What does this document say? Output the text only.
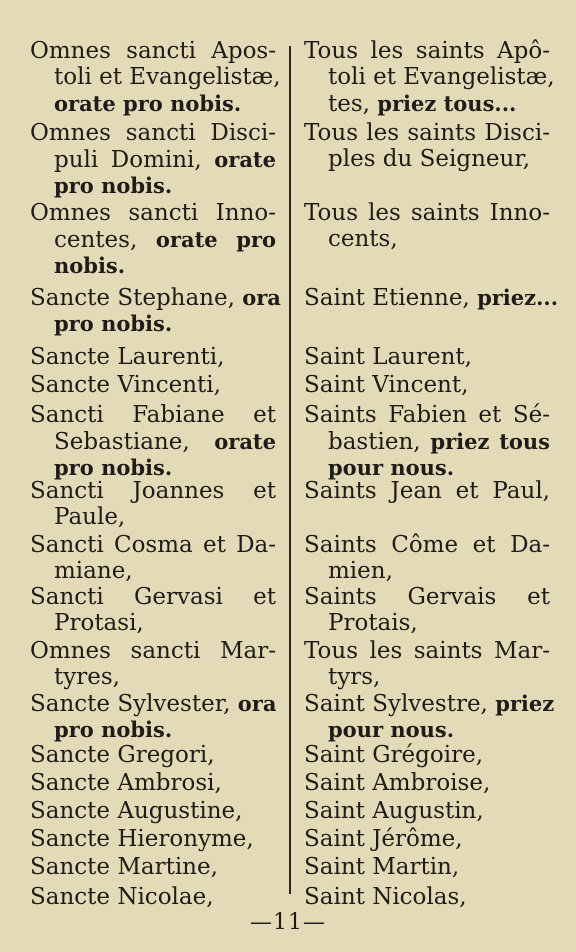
Omnes sancti Apos-
toli et Evangelistæ,
orate pro nobis.
Omnes sancti Disci-
puli Domini, orate
pro nobis.
Omnes sancti Inno-
centes, orate pro
nobis.
Sancte Stephane, ora
pro nobis.
Sancte Laurenti,
Sancte Vincenti,
Sancti Fabiane et
Sebastiane, orate
pro nobis.
Sancti Joannes et
Paule,
Sancti Cosma et Da-
miane,
Sancti Gervasi et
Protasi,
Omnes sancti Mar-
tyres,
Sancte Sylvester, ora
pro nobis.
Sancte Gregori,
Sancte Ambrosi,
Sancte Augustine,
Sancte Hieronyme,
Sancte Martine,
Sancte Nicolae,
Tous les saints Apô-
toli et Evangelistæ,
tes, priez tous...
Tous les saints Disci-
ples du Seigneur,
Tous les saints Inno-
cents,
Saint Etienne, priez...
Saint Laurent,
Saint Vincent,
Saints Fabien et Sé-
bastien, priez tous
pour nous.
Saints Jean et Paul,
Saints Côme et Da-
mien,
Saints Gervais et
Protais,
Tous les saints Mar-
tyrs,
Saint Sylvestre, priez
pour nous.
Saint Grégoire,
Saint Ambroise,
Saint Augustin,
Saint Jérôme,
Saint Martin,
Saint Nicolas,
—11—
